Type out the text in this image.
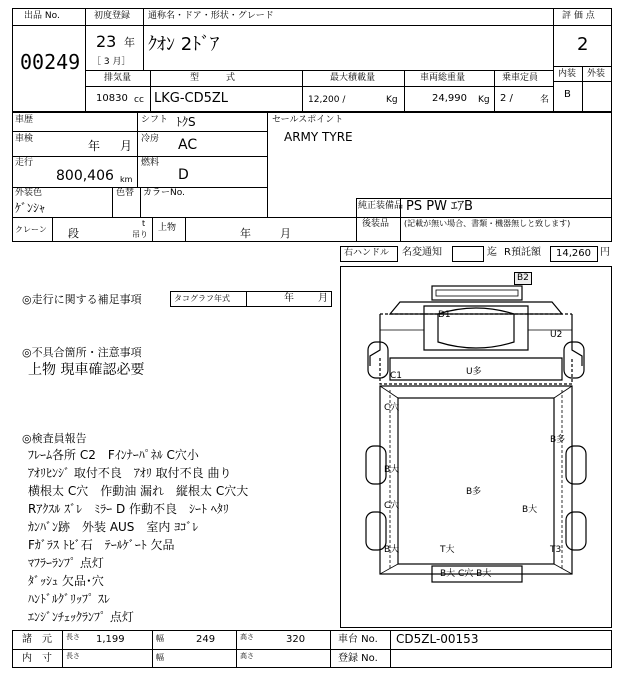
出品 No.
00249
初度登録 通称名・ドア・形状・グレード
23 年
［ 3 月］
ｸｵﾝ 2ﾄﾞｱ
排気量	型　　　式	最大積載量	車両総重量	乗車定員
10830 cc LKG-CD5ZL	12,200 /	Kg	24,990 Kg 2 /	名
評 価 点
2
内装 外装
B
車歴	シフト ﾄｸS
車検	年 月 冷房 AC
走行
800,406 km
燃料
D
外装色
ｹﾞﾝｼｬ
色替 カラーNo.
セールスポイント
ARMY TYRE
純正装備品 PS PW ｴｱB
後装品 (記載が無い場合、書類・機器無しと致します)
クレーン 段
t
吊り
上物	年	月
右ハンドル 名変通知	迄 R預託額 14,260 円
◎走行に関する補足事項	タコグラフ年式	年 月
◎不具合箇所・注意事項
上物 現車確認必要
◎検査員報告
ﾌﾚｰﾑ各所 C2　Fｲﾝﾅｰﾊﾟﾈﾙ C穴小
ｱｵﾘﾋﾝｼﾞ 取付不良　ｱｵﾘ 取付不良 曲り
横根太 C穴　作動油 漏れ　縦根太 C穴大
Rｱｸｽﾙ ｽﾞﾚ　ﾐﾗｰ D 作動不良　ｼｰﾄ ﾍﾀﾘ
ｶﾝﾊﾞﾝ跡　外装 AUS　室内 ﾖｺﾞﾚ
Fｶﾞﾗｽ ﾄﾋﾞ石　ﾃｰﾙｹﾞｰﾄ 欠品
ﾏﾌﾗｰﾗﾝﾌﾟ 点灯
ﾀﾞｯｼｭ 欠品･穴
ﾊﾝﾄﾞﾙｸﾞﾘｯﾌﾟ ｽﾚ
ｴﾝｼﾞﾝﾁｪｯｸﾗﾝﾌﾟ 点灯
B2
D1
U2
C1	U多
C穴
B多
B大
B多
B大
C穴
B大	T大	T3
B大 C穴 B大
諸　元 長さ 1,199	幅	249	高さ	320	車台 No. CD5ZL-00153
内　寸 長さ	幅	高さ	登録 No.
